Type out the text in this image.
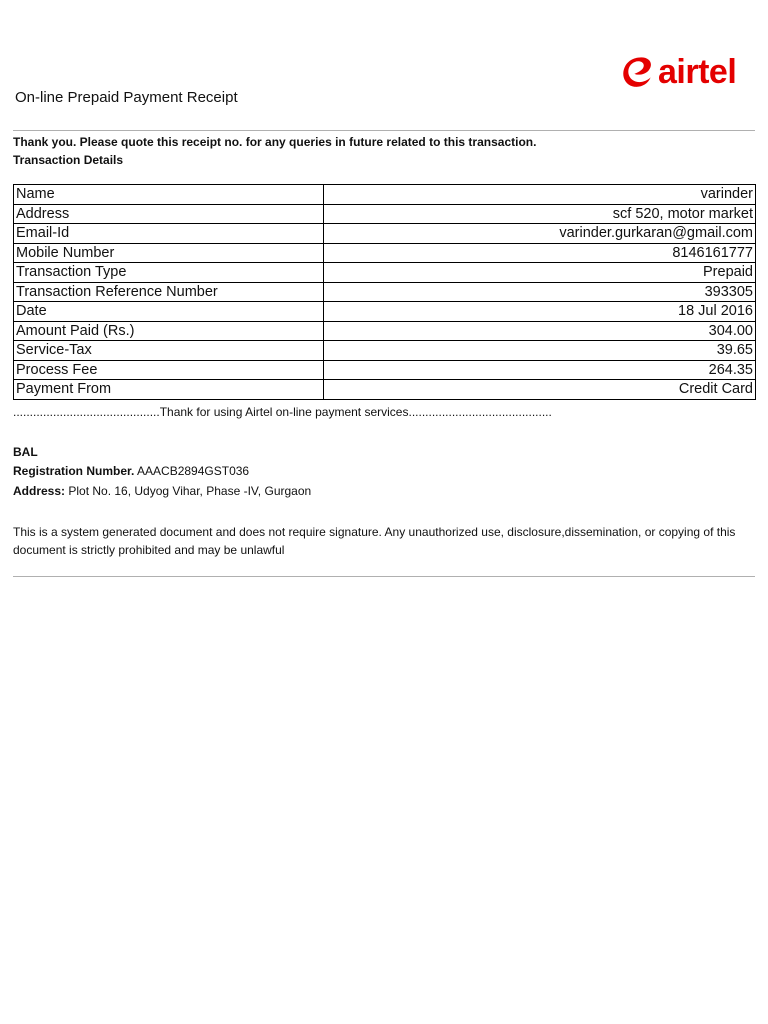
airtel
On-line Prepaid Payment Receipt
Thank you. Please quote this receipt no. for any queries in future related to this transaction.
Transaction Details
Name	varinder
Address	scf 520, motor market
Email-Id	varinder.gurkaran@gmail.com
Mobile Number	8146161777
Transaction Type	Prepaid
Transaction Reference Number	393305
Date	18 Jul 2016
Amount Paid (Rs.)	304.00
Service-Tax	39.65
Process Fee	264.35
Payment From	Credit Card
............................................Thank for using Airtel on-line payment services...........................................
BAL
Registration Number. AAACB2894GST036
Address: Plot No. 16, Udyog Vihar, Phase -IV, Gurgaon
This is a system generated document and does not require signature. Any unauthorized use, disclosure,dissemination, or copying of this document is strictly prohibited and may be unlawful
